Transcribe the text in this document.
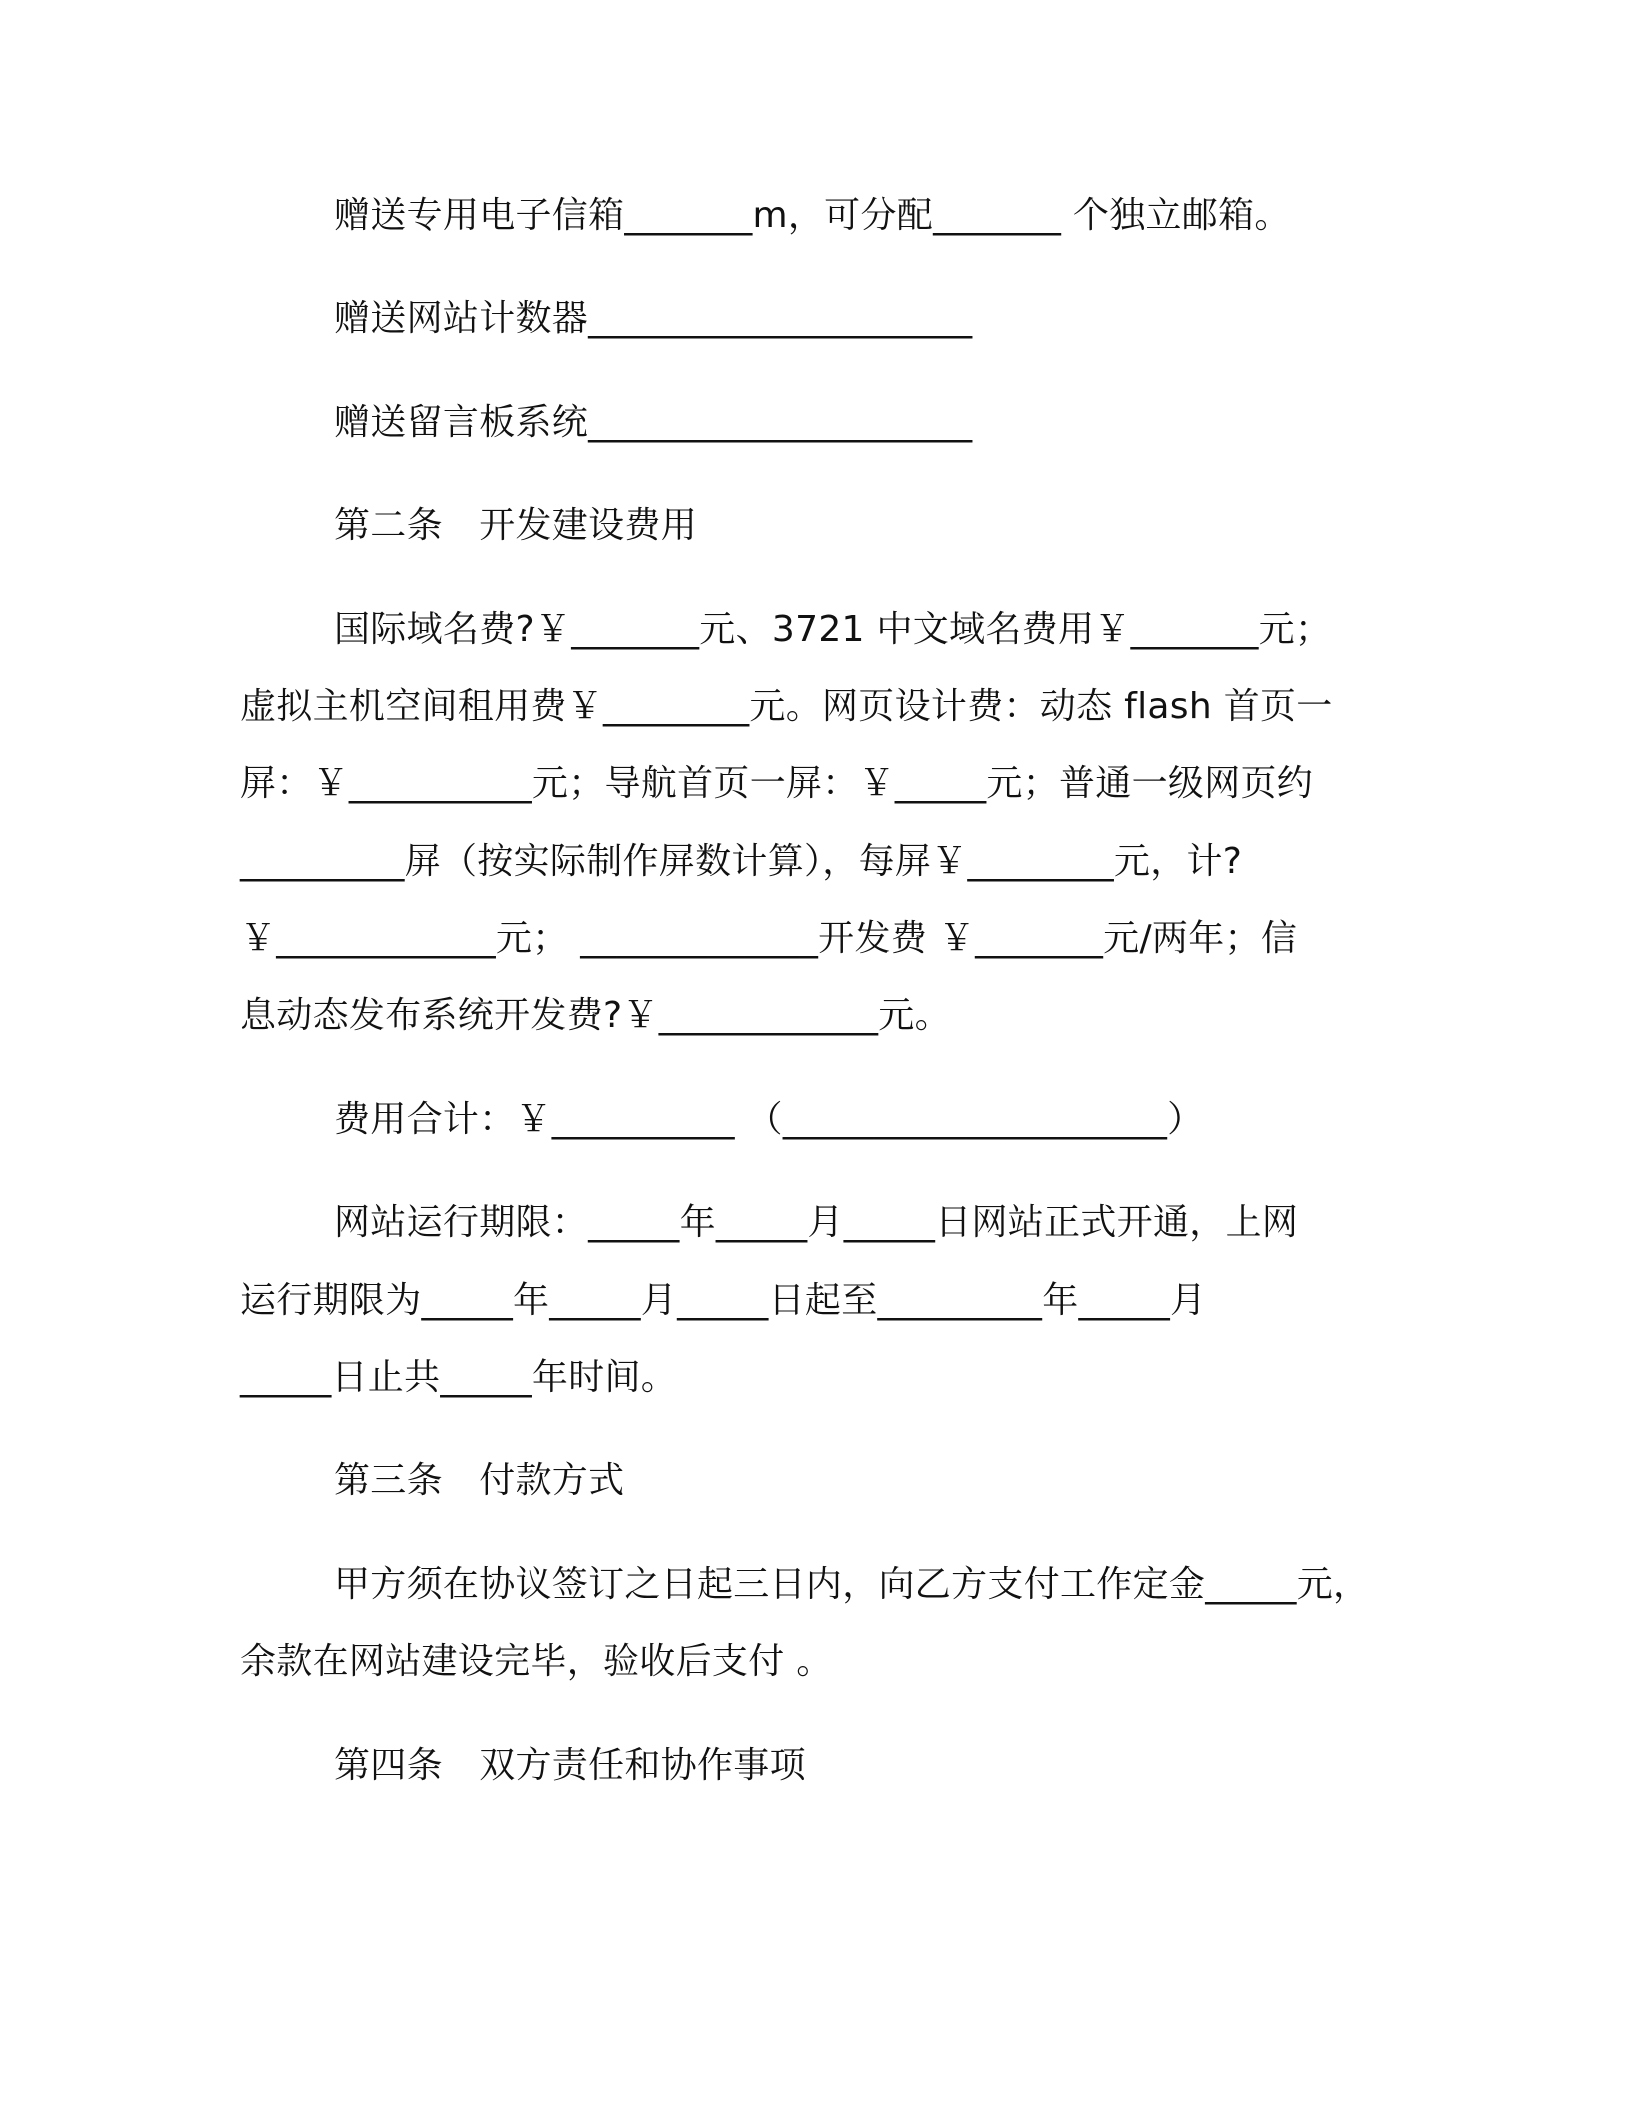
赠送专用电子信箱_______m，可分配_______ 个独立邮箱。
赠送网站计数器_____________________
赠送留言板系统_____________________
第二条　开发建设费用
国际域名费?￥_______元、3721 中文域名费用￥_______元；
虚拟主机空间租用费￥________元。网页设计费：动态 flash 首页一
屏：￥__________元；导航首页一屏：￥_____元；普通一级网页约
_________屏（按实际制作屏数计算），每屏￥________元，计?
￥____________元； _____________开发费 ￥_______元/两年；信
息动态发布系统开发费?￥____________元。
费用合计：￥__________ （_____________________）
网站运行期限：_____年_____月_____日网站正式开通，上网
运行期限为_____年_____月_____日起至_________年_____月
_____日止共_____年时间。
第三条　付款方式
甲方须在协议签订之日起三日内，向乙方支付工作定金_____元，
余款在网站建设完毕，验收后支付 。
第四条　双方责任和协作事项
